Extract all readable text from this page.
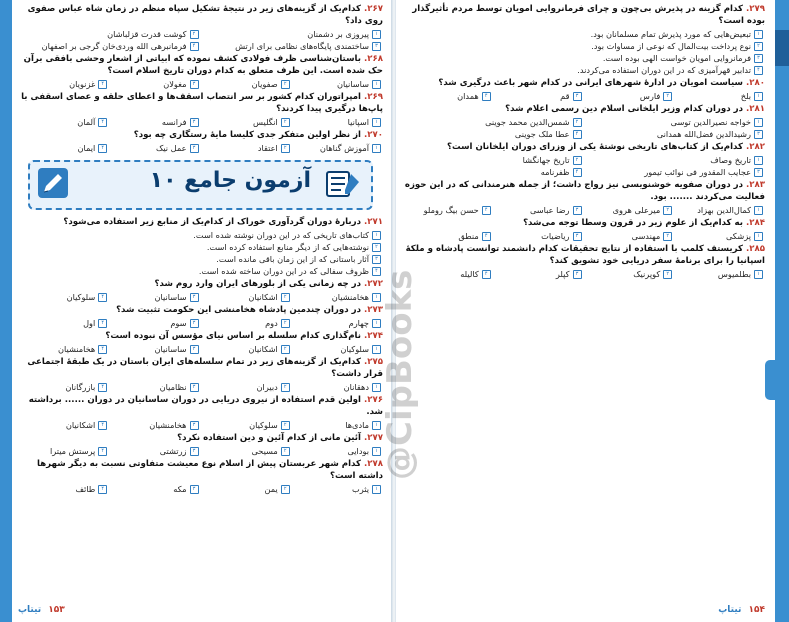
۲۶۷.کدام‌یک از گزینه‌های زیر در نتیجهٔ تشکیل سپاه منظم در زمان شاه عباس صفوی روی داد؟
۱پیروزی بر دشمنان
۲کوشت قدرت قزلباشان
۳ساختمندی پایگاه‌های نظامی برای ارتش
۴فرمانبرهی الله وردی‌خان گرجی بر اصفهان
۲۶۸.باستان‌شناسی ظرف فولادی کشف نموده که ابیاتی از اشعار وحشی بافقی برآن حک شده است. این ظرف متعلق به کدام دوران تاریخ اسلام است؟
۱ساسانیان
۲صفویان
۳مغولان
۴غزنویان
۲۶۹.امپراتوران کدام کشور بر سر انتصاب اسقف‌ها و اعطای حلقه و عصای اسقفی با پاپ‌ها درگیری پیدا کردند؟
۱اسپانیا
۲انگلیس
۳فرانسه
۴آلمان
۲۷۰.از نظر اولین متفکر جدی کلیسا مایهٔ رستگاری چه بود؟
۱آموزش گناهان
۲اعتقاد
۳عمل نیک
۴ایمان
آزمون جامع ۱۰
۲۷۱.دربارهٔ دوران گردآوری خوراک از کدام‌یک از منابع زیر استفاده می‌شود؟
۱کتاب‌های تاریخی که در این دوران نوشته شده است.
۲نوشته‌هایی که از دیگر منابع استفاده کرده است.
۳آثار باستانی که از این زمان باقی مانده است.
۴ظروف سفالی که در این دوران ساخته شده است.
۲۷۲.در چه زمانی یکی از بلورهای ایران وارد روم شد؟
۱هخامنشیان
۲اشکانیان
۳ساسانیان
۴سلوکیان
۲۷۳.در دوران چندمین پادشاه هخامنشی این حکومت تثبیت شد؟
۱چهارم
۲دوم
۳سوم
۴اول
۲۷۴.نام‌گذاری کدام سلسله بر اساس نیای مؤسس آن نبوده است؟
۱سلوکیان
۲اشکانیان
۳ساسانیان
۴هخامنشیان
۲۷۵.کدام‌یک از گزینه‌های زیر در تمام سلسله‌های ایران باستان در یک طبقهٔ اجتماعی قرار داشت؟
۱دهقانان
۲دبیران
۳نظامیان
۴بازرگانان
۲۷۶.اولین قدم استفاده از نیروی دریایی در دوران ساسانیان در دوران ...... برداشته شد.
۱مادی‌ها
۲سلوکیان
۳هخامنشیان
۴اشکانیان
۲۷۷.آئین مانی از کدام آئین و دین استفاده نکرد؟
۱بودایی
۲مسیحی
۳زرتشتی
۴پرستش میترا
۲۷۸.کدام شهر عربستان پیش از اسلام نوع معیشت متفاوتی نسبت به دیگر شهرها داشته است؟
۱یثرب
۲یمن
۳مکه
۴طائف
۱۵۳ تیتاپ
۲۷۹.کدام گزینه در پذیرش بی‌چون و چرای فرمانروایی امویان توسط مردم تأثیرگذار بوده است؟
۱تبعیض‌هایی که مورد پذیرش تمام مسلمانان بود.
۲نوع پرداخت بیت‌المال که نوعی از مساوات بود.
۳فرمانروایی امویان خواست الهی بوده است.
۴تدابیر قهرآمیزی که در این دوران استفاده می‌کردند.
۲۸۰.سیاست امویان در ادارهٔ شهرهای ایرانی در کدام شهر باعث درگیری شد؟
۱بلخ
۲فارس
۳قم
۴همدان
۲۸۱.در دوران کدام وزیر ایلخانی اسلام دین رسمی اعلام شد؟
۱خواجه نصیرالدین توسی
۲شمس‌الدین محمد جوینی
۳رشیدالدین فضل‌الله همدانی
۴عطا ملک جوینی
۲۸۲.کدام‌یک از کتاب‌های تاریخی نوشتهٔ یکی از وزرای دوران ایلخانان است؟
۱تاریخ وصاف
۲تاریخ جهانگشا
۳عجایب المقدور فی نوائب تیمور
۴ظفرنامه
۲۸۳.در دوران صفویه خوشنویسی نیز رواج داشت؛ از جمله هنرمندانی که در این حوزه فعالیت می‌کردند ....... بود.
۱کمال‌الدین بهزاد
۲میرعلی هروی
۳رضا عباسی
۴حسن بیگ روملو
۲۸۴.به کدام‌یک از علوم زیر در قرون وسطا توجه می‌شد؟
۱پزشکی
۲مهندسی
۳ریاضیات
۴منطق
۲۸۵.کریستف کلمب با استفاده از نتایج تحقیقات کدام دانشمند توانست پادشاه و ملکهٔ اسپانیا را برای برنامهٔ سفر دریایی خود تشویق کند؟
۱بطلمیوس
۲کوپرنیک
۳کپلر
۴کالیله
۱۵۴ تیتاپ
@CipBooks
